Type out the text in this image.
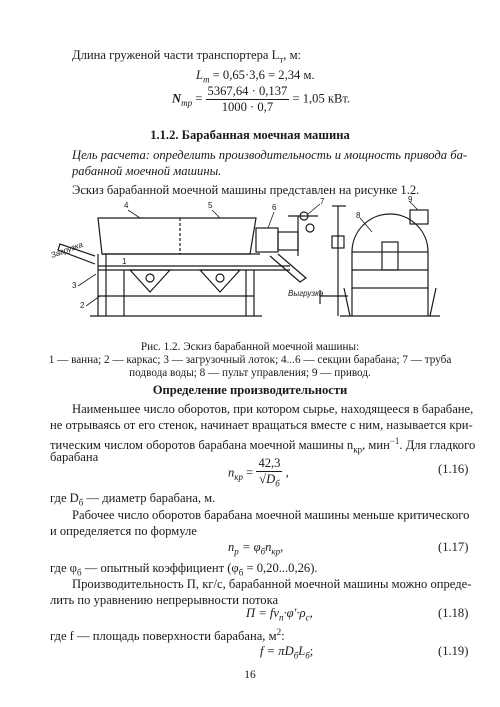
Длина груженой части транспортера $L_т$, м:
$L_т = 0,65\cdot 3,6 = 2,34$ м.
$N_{тр} = \frac{5367,64 \cdot 0,137}{1000 \cdot 0,7} = 1,05$ кВт.
1.1.2. Барабанная моечная машина
Цель расчета: определить производительность и мощность привода ба-
рабанной моечной машины.
Эскиз барабанной моечной машины представлен на рисунке 1.2.
4	5	6
7
8
9
3
2
1
Загрузка
Выгрузка
Рис. 1.2. Эскиз барабанной моечной машины:
1 — ванна; 2 — каркас; 3 — загрузочный лоток; 4...6 — секции барабана; 7 — труба
подвода воды; 8 — пульт управления; 9 — привод.
Определение производительности
Наименьшее число оборотов, при котором сырье, находящееся в барабане,
не отрываясь от его стенок, начинает вращаться вместе с ним, называется кри-
тическим числом оборотов барабана моечной машины $n_{кр}$, мин$^{-1}$. Для гладкого
барабана
$n_{кр} = \frac{42,3}{√D_б}$ ,	(1.16)
где $D_б$ — диаметр барабана, м.
Рабочее число оборотов барабана моечной машины меньше критического
и определяется по формуле
$n_р = \varphi_бn_{кр}$,	(1.17)
где $\varphi_б$ — опытный коэффициент $(\varphi_б = 0,20...0,26)$.
Производительность П, кг/с, барабанной моечной машины можно опреде-
лить по уравнению непрерывности потока
$П = fv_п\cdot\varphi'\cdot\rho_с$,	(1.18)
где f — площадь поверхности барабана, $м^2$:
$f = \pi D_бL_б$;	(1.19)
16
